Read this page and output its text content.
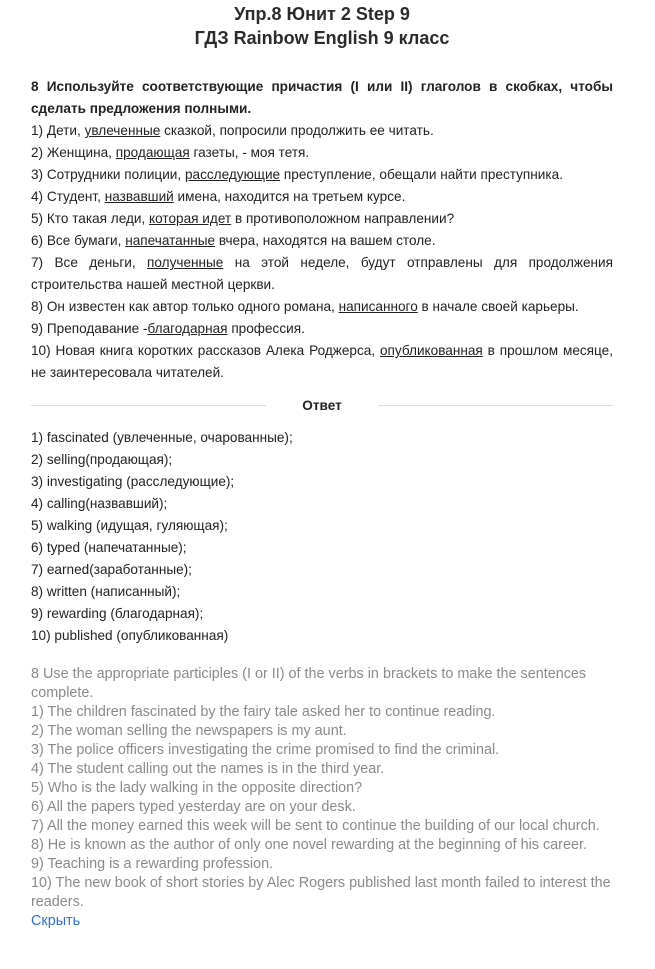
Упр.8 Юнит 2 Step 9
ГДЗ Rainbow English 9 класс

8 Используйте соответствующие причастия (I или II) глаголов в скобках, чтобы сделать предложения полными.

1) Дети, увлеченные сказкой, попросили продолжить ее читать.

2) Женщина, продающая газеты, - моя тетя.

3) Сотрудники полиции, расследующие преступление, обещали найти преступника.

4) Студент, назвавший имена, находится на третьем курсе.

5) Кто такая леди, которая идет в противоположном направлении?

6) Все бумаги, напечатанные вчера, находятся на вашем столе.

7) Все деньги, полученные на этой неделе, будут отправлены для продолжения строительства нашей местной церкви.

8) Он известен как автор только одного романа, написанного в начале своей карьеры.

9) Преподавание -благодарная профессия.

10) Новая книга коротких рассказов Алека Роджерса, опубликованная в прошлом месяце, не заинтересовала читателей.

Ответ

1) fascinated (увлеченные, очарованные);

2) selling(продающая);

3) investigating (расследующие);

4) calling(назвавший);

5) walking (идущая, гуляющая);

6) typed (напечатанные);

7) earned(заработанные);

8) written (написанный);

9) rewarding (благодарная);

10) published (опубликованная)

8 Use the appropriate participles (I or II) of the verbs in brackets to make the sentences complete.

1) The children fascinated by the fairy tale asked her to continue reading.

2) The woman selling the newspapers is my aunt.

3) The police officers investigating the crime promised to find the criminal.

4) The student calling out the names is in the third year.

5) Who is the lady walking in the opposite direction?

6) All the papers typed yesterday are on your desk.

7) All the money earned this week will be sent to continue the building of our local church.

8) He is known as the author of only one novel rewarding at the beginning of his career.

9) Teaching is a rewarding profession.

10) The new book of short stories by Alec Rogers published last month failed to interest the readers.

Скрыть
